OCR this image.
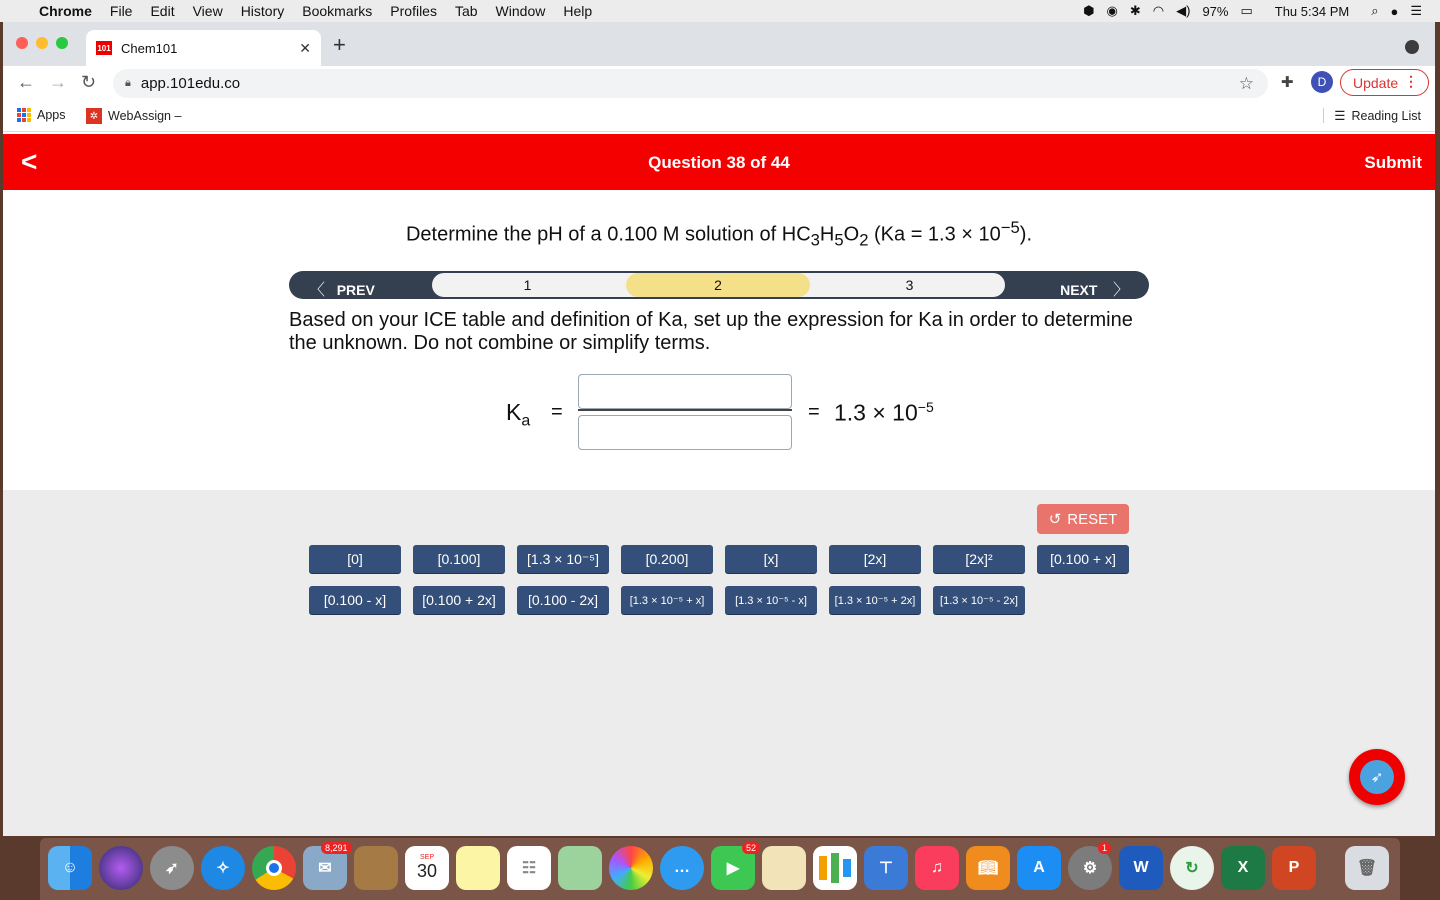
Chrome	File	Edit	View	History	Bookmarks	Profiles	Tab	Window	Help	⬢ ◉ ✱ ◠ ◀) 97% ▭ Thu 5:34 PM ⌕ ● ☰
101 Chem101	✕ +
← → ↻	🔒︎ app.101edu.co	☆ ✚	D	Update ⋮
Apps	✲ WebAssign –	☰ Reading List
<	Question 38 of 44	Submit
Determine the pH of a 0.100 M solution of $HC_3H_5O_2$ $(Ka = 1.3 \times 10^{-5})$.
〈 PREV	1	2	3	NEXT 〉
Based on your ICE table and definition of Ka, set up the expression for Ka in order to determine the unknown. Do not combine or simplify terms.
$K_a$ =	= $1.3 \times 10^{-5}$
↺ RESET
[0]	[0.100]	[1.3 × 10⁻⁵]	[0.200]	[x]	[2x]	[2x]²	[0.100 + x]
[0.100 - x]	[0.100 + 2x]	[0.100 - 2x]	[1.3 × 10⁻⁵ + x]	[1.3 × 10⁻⁵ - x]	[1.3 × 10⁻⁵ + 2x]	[1.3 × 10⁻⁵ - 2x]
➶
☺	➶	✧	✉
8,291
SEP
30	☷	…	▶
52
⊤	♫	📖︎	A	⚙
1
W	↻	X	P	🗑︎
